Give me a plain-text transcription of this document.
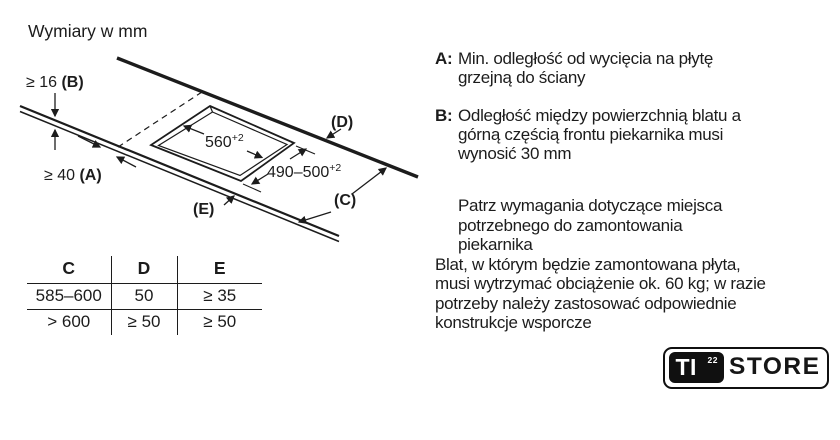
Wymiary w mm
≥ 16 (B)
≥ 40 (A)
$560^{+2}$
$490-500^{+2}$
(D)
(C)
(E)
C	D	E
585–600	50	≥ 35
> 600	≥ 50	≥ 50
A: Min. odległość od wycięcia na płytę
grzejną do ściany
B: Odległość między powierzchnią blatu a
górną częścią frontu piekarnika musi
wynosić 30 mm
Patrz wymagania dotyczące miejsca
potrzebnego do zamontowania
piekarnika
Blat, w którym będzie zamontowana płyta,
musi wytrzymać obciążenie ok. 60 kg; w razie
potrzeby należy zastosować odpowiednie
konstrukcje wsporcze
TI 22 STORE
